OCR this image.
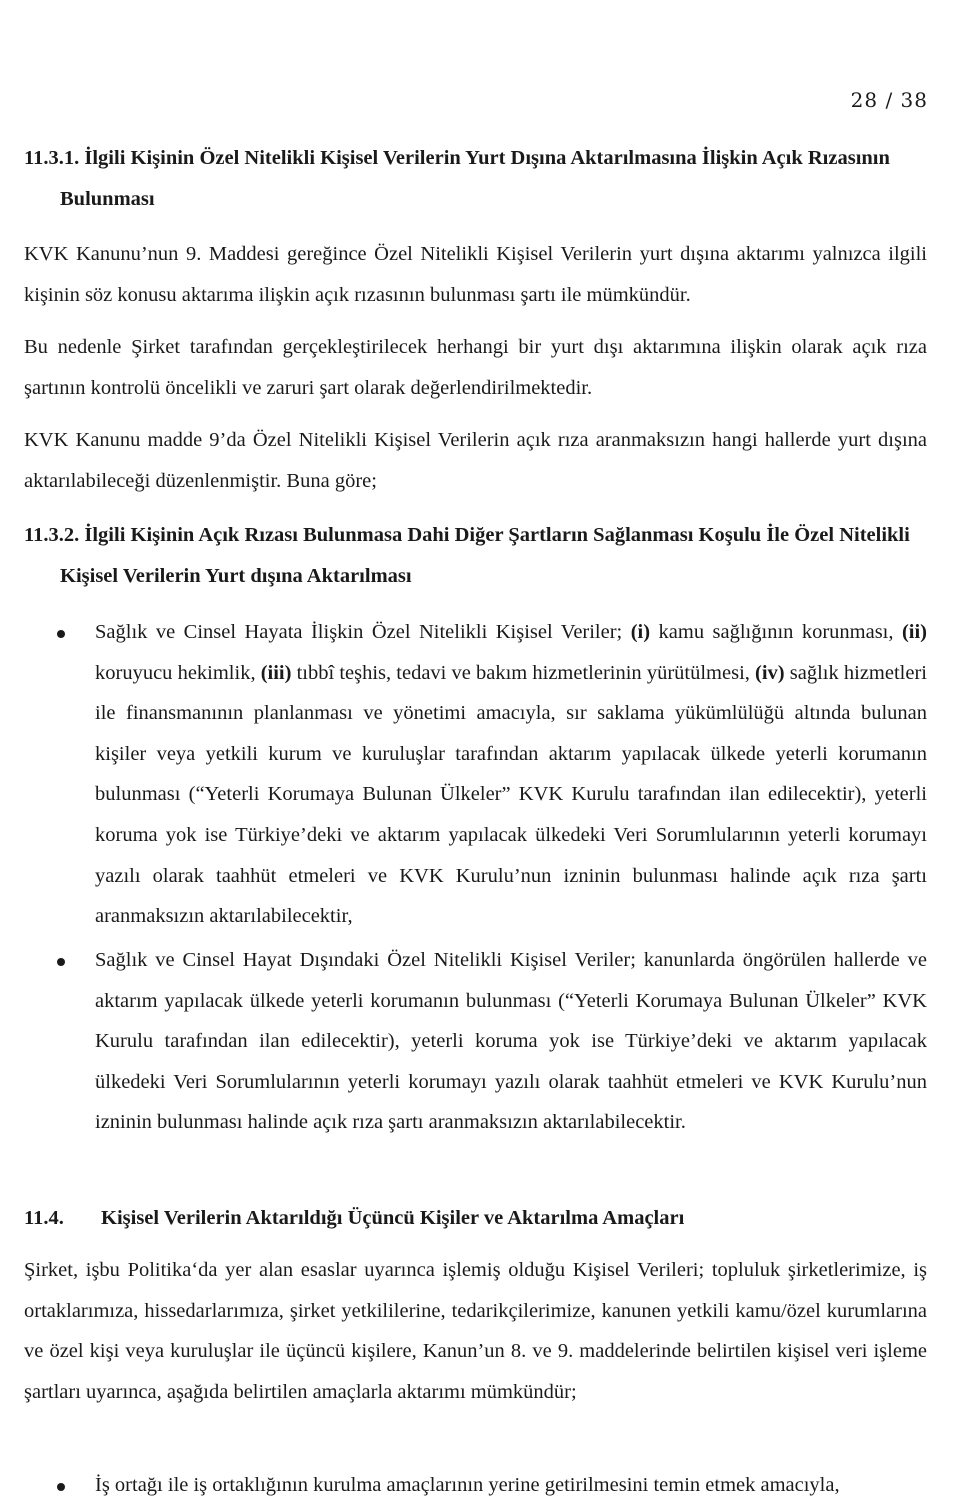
28 / 38

11.3.1. İlgili Kişinin Özel Nitelikli Kişisel Verilerin Yurt Dışına Aktarılmasına İlişkin Açık Rızasının Bulunması

KVK Kanunu’nun 9. Maddesi gereğince Özel Nitelikli Kişisel Verilerin yurt dışına aktarımı yalnızca ilgili kişinin söz konusu aktarıma ilişkin açık rızasının bulunması şartı ile mümkündür.

Bu nedenle Şirket tarafından gerçekleştirilecek herhangi bir yurt dışı aktarımına ilişkin olarak açık rıza şartının kontrolü öncelikli ve zaruri şart olarak değerlendirilmektedir.

KVK Kanunu madde 9’da Özel Nitelikli Kişisel Verilerin açık rıza aranmaksızın hangi hallerde yurt dışına aktarılabileceği düzenlenmiştir. Buna göre;

11.3.2. İlgili Kişinin Açık Rızası Bulunmasa Dahi Diğer Şartların Sağlanması Koşulu İle Özel Nitelikli Kişisel Verilerin Yurt dışına Aktarılması

Sağlık ve Cinsel Hayata İlişkin Özel Nitelikli Kişisel Veriler; (i) kamu sağlığının korunması, (ii) koruyucu hekimlik, (iii) tıbbî teşhis, tedavi ve bakım hizmetlerinin yürütülmesi, (iv) sağlık hizmetleri ile finansmanının planlanması ve yönetimi amacıyla, sır saklama yükümlülüğü altında bulunan kişiler veya yetkili kurum ve kuruluşlar tarafından aktarım yapılacak ülkede yeterli korumanın bulunması (“Yeterli Korumaya Bulunan Ülkeler” KVK Kurulu tarafından ilan edilecektir), yeterli koruma yok ise Türkiye’deki ve aktarım yapılacak ülkedeki Veri Sorumlularının yeterli korumayı yazılı olarak taahhüt etmeleri ve KVK Kurulu’nun izninin bulunması halinde açık rıza şartı aranmaksızın aktarılabilecektir,

Sağlık ve Cinsel Hayat Dışındaki Özel Nitelikli Kişisel Veriler; kanunlarda öngörülen hallerde ve aktarım yapılacak ülkede yeterli korumanın bulunması (“Yeterli Korumaya Bulunan Ülkeler” KVK Kurulu tarafından ilan edilecektir), yeterli koruma yok ise Türkiye’deki ve aktarım yapılacak ülkedeki Veri Sorumlularının yeterli korumayı yazılı olarak taahhüt etmeleri ve KVK Kurulu’nun izninin bulunması halinde açık rıza şartı aranmaksızın aktarılabilecektir.

11.4. Kişisel Verilerin Aktarıldığı Üçüncü Kişiler ve Aktarılma Amaçları

Şirket, işbu Politika‘da yer alan esaslar uyarınca işlemiş olduğu Kişisel Verileri; topluluk şirketlerimize, iş ortaklarımıza, hissedarlarımıza, şirket yetkililerine, tedarikçilerimize, kanunen yetkili kamu/özel kurumlarına ve özel kişi veya kuruluşlar ile üçüncü kişilere, Kanun’un 8. ve 9. maddelerinde belirtilen kişisel veri işleme şartları uyarınca, aşağıda belirtilen amaçlarla aktarımı mümkündür;

İş ortağı ile iş ortaklığının kurulma amaçlarının yerine getirilmesini temin etmek amacıyla,
